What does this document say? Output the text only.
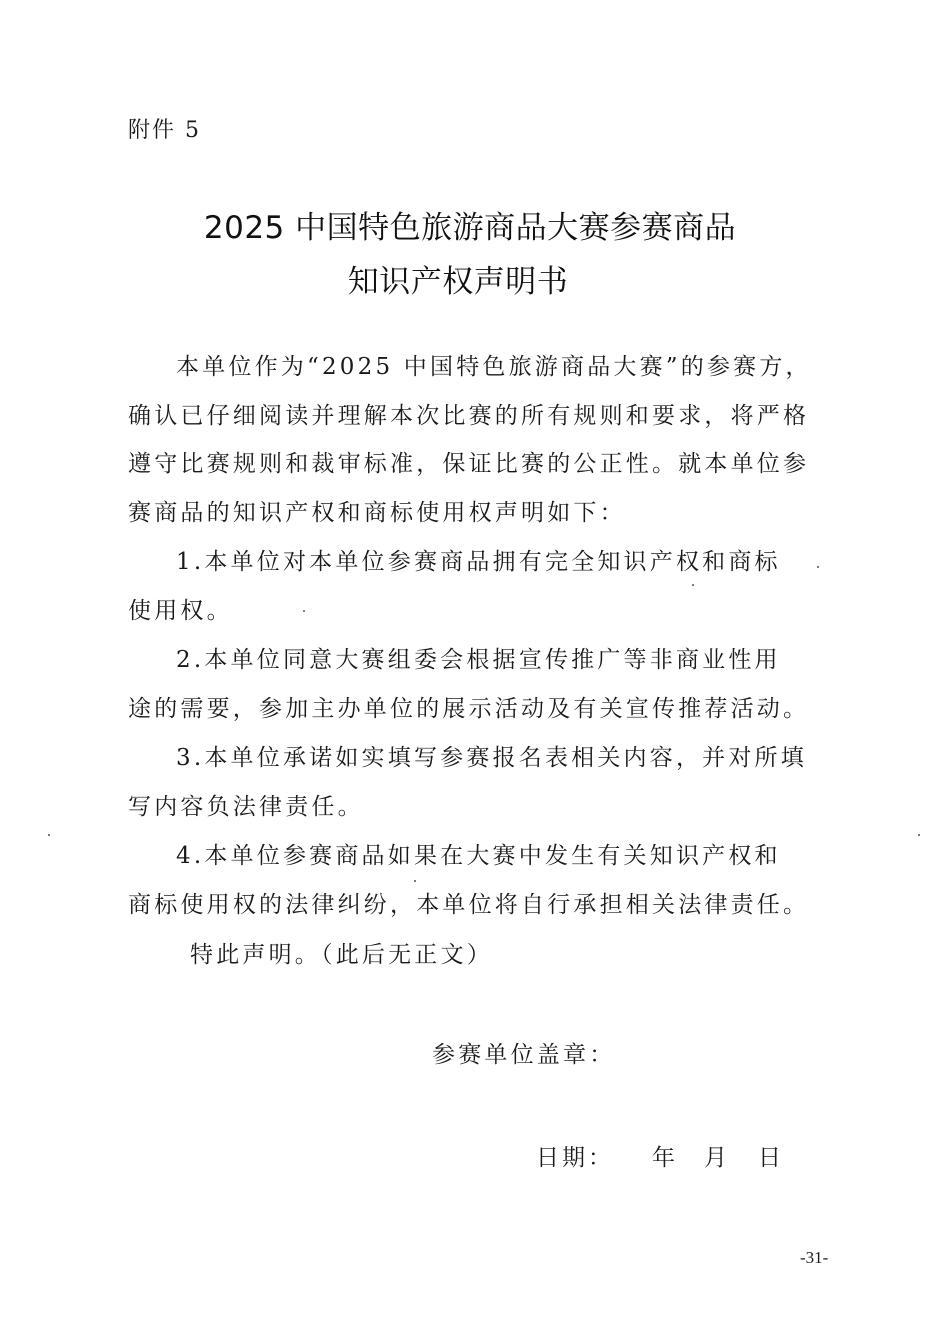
附件 5
2025 中国特色旅游商品大赛参赛商品
知识产权声明书
本单位作为“2025 中国特色旅游商品大赛”的参赛方，
确认已仔细阅读并理解本次比赛的所有规则和要求，将严格
遵守比赛规则和裁审标准，保证比赛的公正性。就本单位参
赛商品的知识产权和商标使用权声明如下：
1.本单位对本单位参赛商品拥有完全知识产权和商标
使用权。
2.本单位同意大赛组委会根据宣传推广等非商业性用
途的需要，参加主办单位的展示活动及有关宣传推荐活动。
3.本单位承诺如实填写参赛报名表相关内容，并对所填
写内容负法律责任。
4.本单位参赛商品如果在大赛中发生有关知识产权和
商标使用权的法律纠纷，本单位将自行承担相关法律责任。
特此声明。（此后无正文）
参赛单位盖章：
日期： 年 月 日
-31-
